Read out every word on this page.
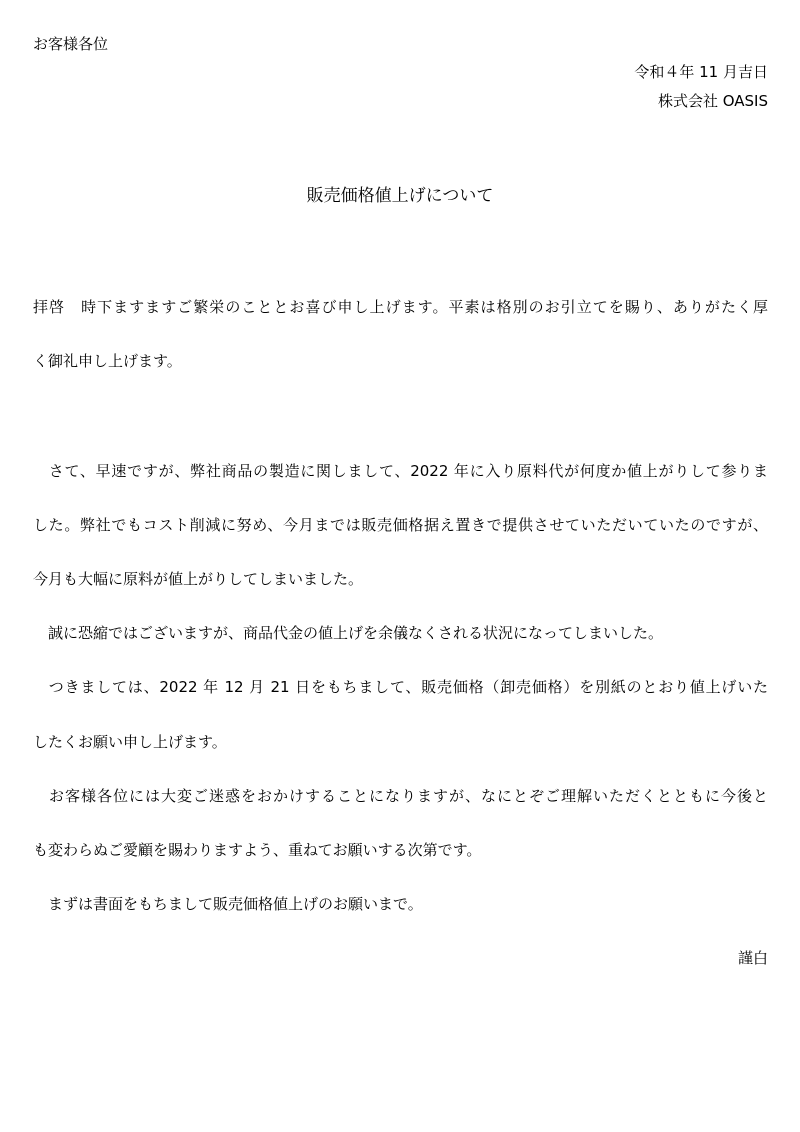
お客様各位
令和４年 11 月吉日
株式会社 OASIS
販売価格値上げについて
拝啓　時下ますますご繁栄のこととお喜び申し上げます。平素は格別のお引立てを賜り、ありがたく厚
く御礼申し上げます。
　さて、早速ですが、弊社商品の製造に関しまして、2022 年に入り原料代が何度か値上がりして参りま
した。弊社でもコスト削減に努め、今月までは販売価格据え置きで提供させていただいていたのですが、
今月も大幅に原料が値上がりしてしまいました。
　誠に恐縮ではございますが、商品代金の値上げを余儀なくされる状況になってしまいした。
　つきましては、2022 年 12 月 21 日をもちまして、販売価格（卸売価格）を別紙のとおり値上げいた
したくお願い申し上げます。
　お客様各位には大変ご迷惑をおかけすることになりますが、なにとぞご理解いただくとともに今後と
も変わらぬご愛顧を賜わりますよう、重ねてお願いする次第です。
　まずは書面をもちまして販売価格値上げのお願いまで。
謹白
